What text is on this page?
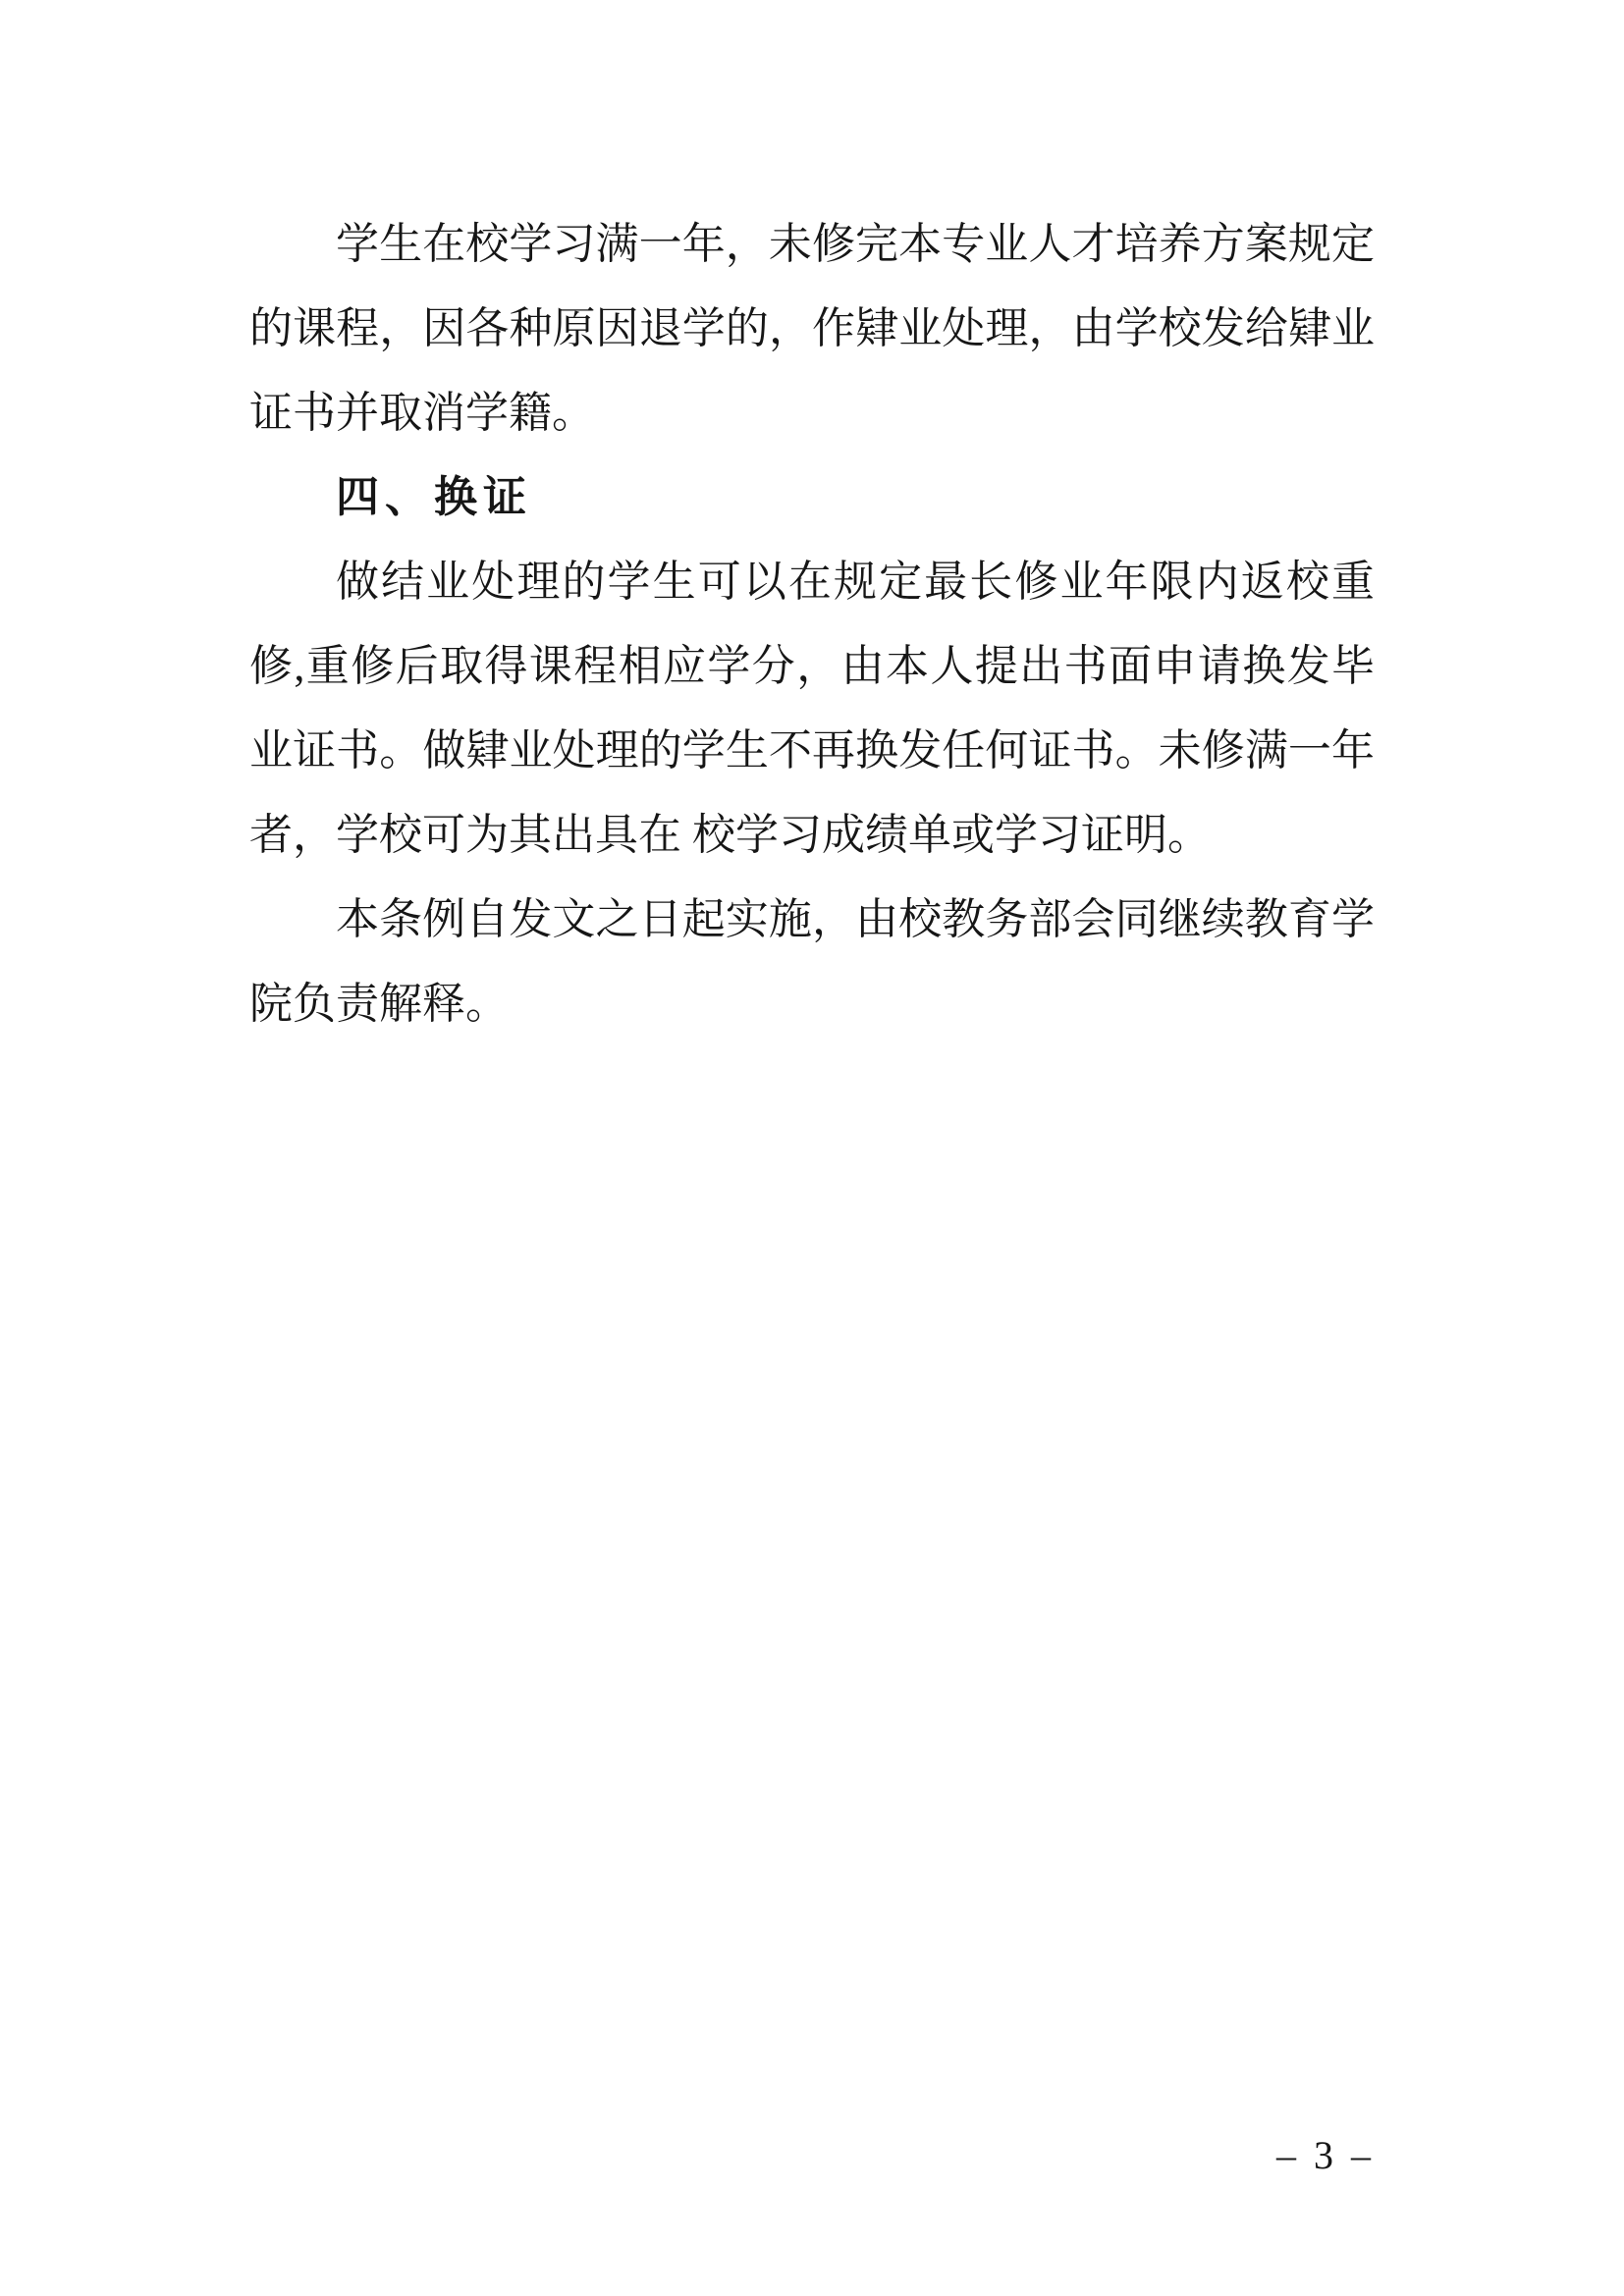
学生在校学习满一年，未修完本专业人才培养方案规定
的课程，因各种原因退学的，作肄业处理，由学校发给肄业
证书并取消学籍。
四、换证
做结业处理的学生可以在规定最长修业年限内返校重
修,重修后取得课程相应学分，由本人提出书面申请换发毕
业证书。做肄业处理的学生不再换发任何证书。未修满一年
者，学校可为其出具在 校学习成绩单或学习证明。
本条例自发文之日起实施，由校教务部会同继续教育学
院负责解释。
– 3 –
